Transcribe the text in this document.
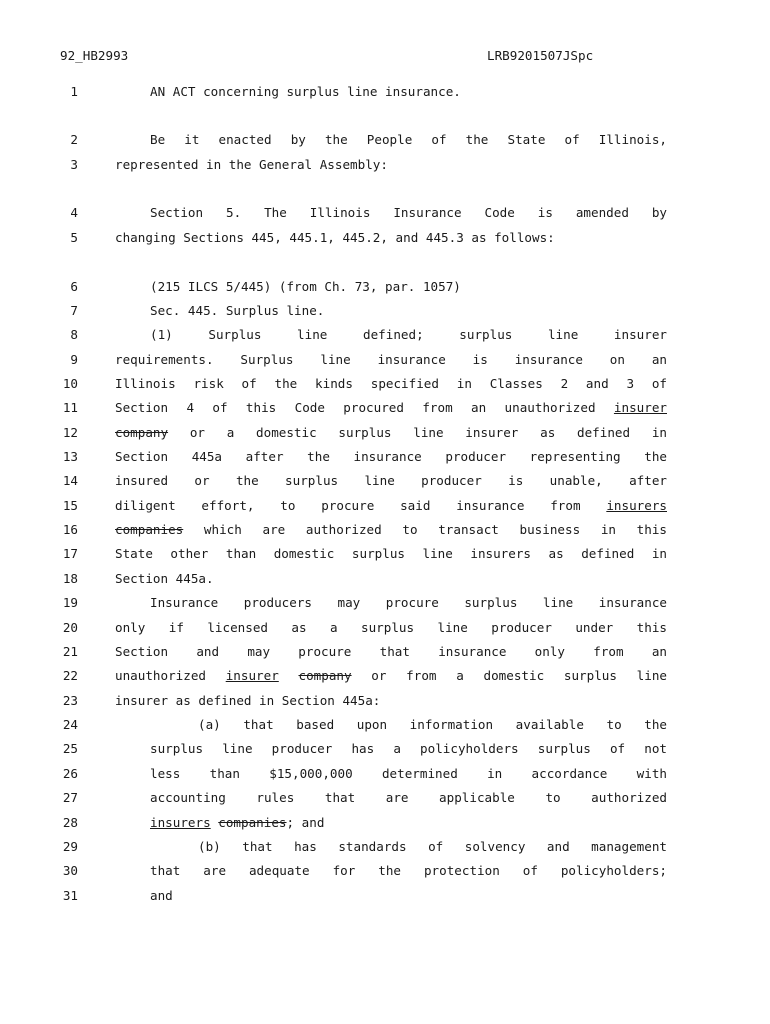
92_HB2993	LRB9201507JSpc
1	AN ACT concerning surplus line insurance.
2	Be it enacted by the People of the State of Illinois,
3	represented in the General Assembly:
4	Section 5. The Illinois Insurance Code is amended by
5	changing Sections 445, 445.1, 445.2, and 445.3 as follows:
6	(215 ILCS 5/445) (from Ch. 73, par. 1057)
7	Sec. 445. Surplus line.
8	(1) Surplus line defined; surplus line insurer
9	requirements. Surplus line insurance is insurance on an
10	Illinois risk of the kinds specified in Classes 2 and 3 of
11	Section 4 of this Code procured from an unauthorized insurer
12	company or a domestic surplus line insurer as defined in
13	Section 445a after the insurance producer representing the
14	insured or the surplus line producer is unable, after
15	diligent effort, to procure said insurance from insurers
16	companies which are authorized to transact business in this
17	State other than domestic surplus line insurers as defined in
18	Section 445a.
19	Insurance producers may procure surplus line insurance
20	only if licensed as a surplus line producer under this
21	Section and may procure that insurance only from an
22	unauthorized insurer company or from a domestic surplus line
23	insurer as defined in Section 445a:
24	(a) that based upon information available to the
25	surplus line producer has a policyholders surplus of not
26	less than $15,000,000 determined in accordance with
27	accounting rules that are applicable to authorized
28	insurers companies; and
29	(b) that has standards of solvency and management
30	that are adequate for the protection of policyholders;
31	and
